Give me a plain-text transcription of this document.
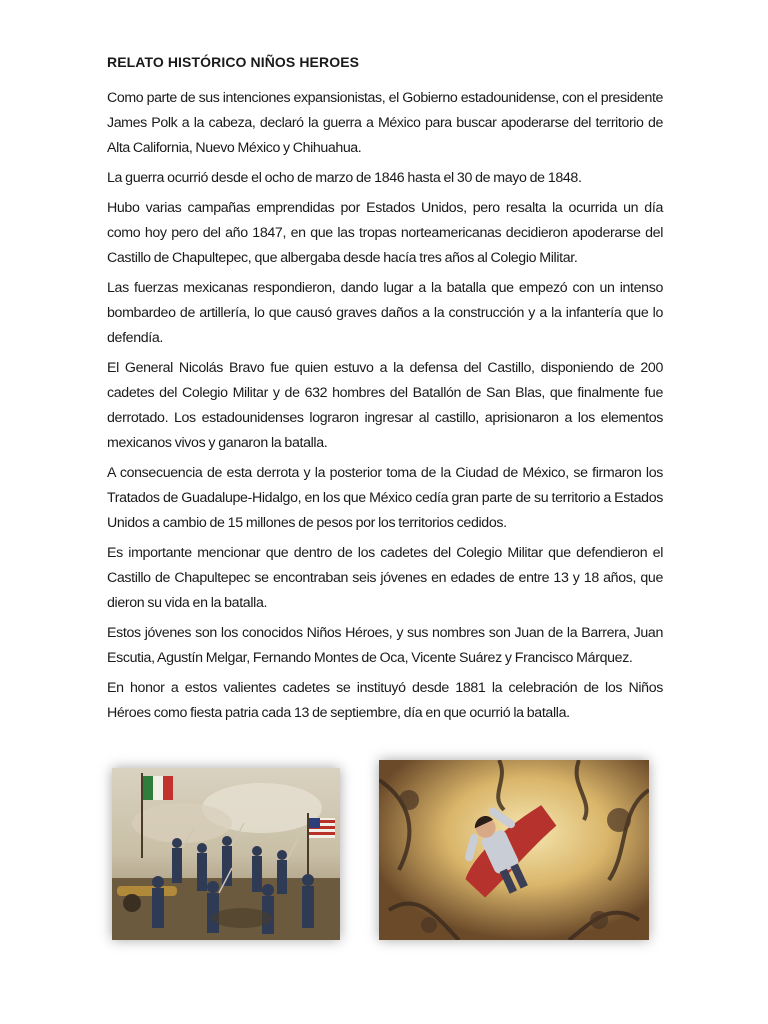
RELATO HISTÓRICO NIÑOS HEROES

Como parte de sus intenciones expansionistas, el Gobierno estadounidense, con el presidente James Polk a la cabeza, declaró la guerra a México para buscar apoderarse del territorio de Alta California, Nuevo México y Chihuahua.

La guerra ocurrió desde el ocho de marzo de 1846 hasta el 30 de mayo de 1848.

Hubo varias campañas emprendidas por Estados Unidos, pero resalta la ocurrida un día como hoy pero del año 1847, en que las tropas norteamericanas decidieron apoderarse del Castillo de Chapultepec, que albergaba desde hacía tres años al Colegio Militar.

Las fuerzas mexicanas respondieron, dando lugar a la batalla que empezó con un intenso bombardeo de artillería, lo que causó graves daños a la construcción y a la infantería que lo defendía.

El General Nicolás Bravo fue quien estuvo a la defensa del Castillo, disponiendo de 200 cadetes del Colegio Militar y de 632 hombres del Batallón de San Blas, que finalmente fue derrotado. Los estadounidenses lograron ingresar al castillo, aprisionaron a los elementos mexicanos vivos y ganaron la batalla.

A consecuencia de esta derrota y la posterior toma de la Ciudad de México, se firmaron los Tratados de Guadalupe-Hidalgo, en los que México cedía gran parte de su territorio a Estados Unidos a cambio de 15 millones de pesos por los territorios cedidos.

Es importante mencionar que dentro de los cadetes del Colegio Militar que defendieron el Castillo de Chapultepec se encontraban seis jóvenes en edades de entre 13 y 18 años, que dieron su vida en la batalla.

Estos jóvenes son los conocidos Niños Héroes, y sus nombres son Juan de la Barrera, Juan Escutia, Agustín Melgar, Fernando Montes de Oca, Vicente Suárez y Francisco Márquez.

En honor a estos valientes cadetes se instituyó desde 1881 la celebración de los Niños Héroes como fiesta patria cada 13 de septiembre, día en que ocurrió la batalla.
